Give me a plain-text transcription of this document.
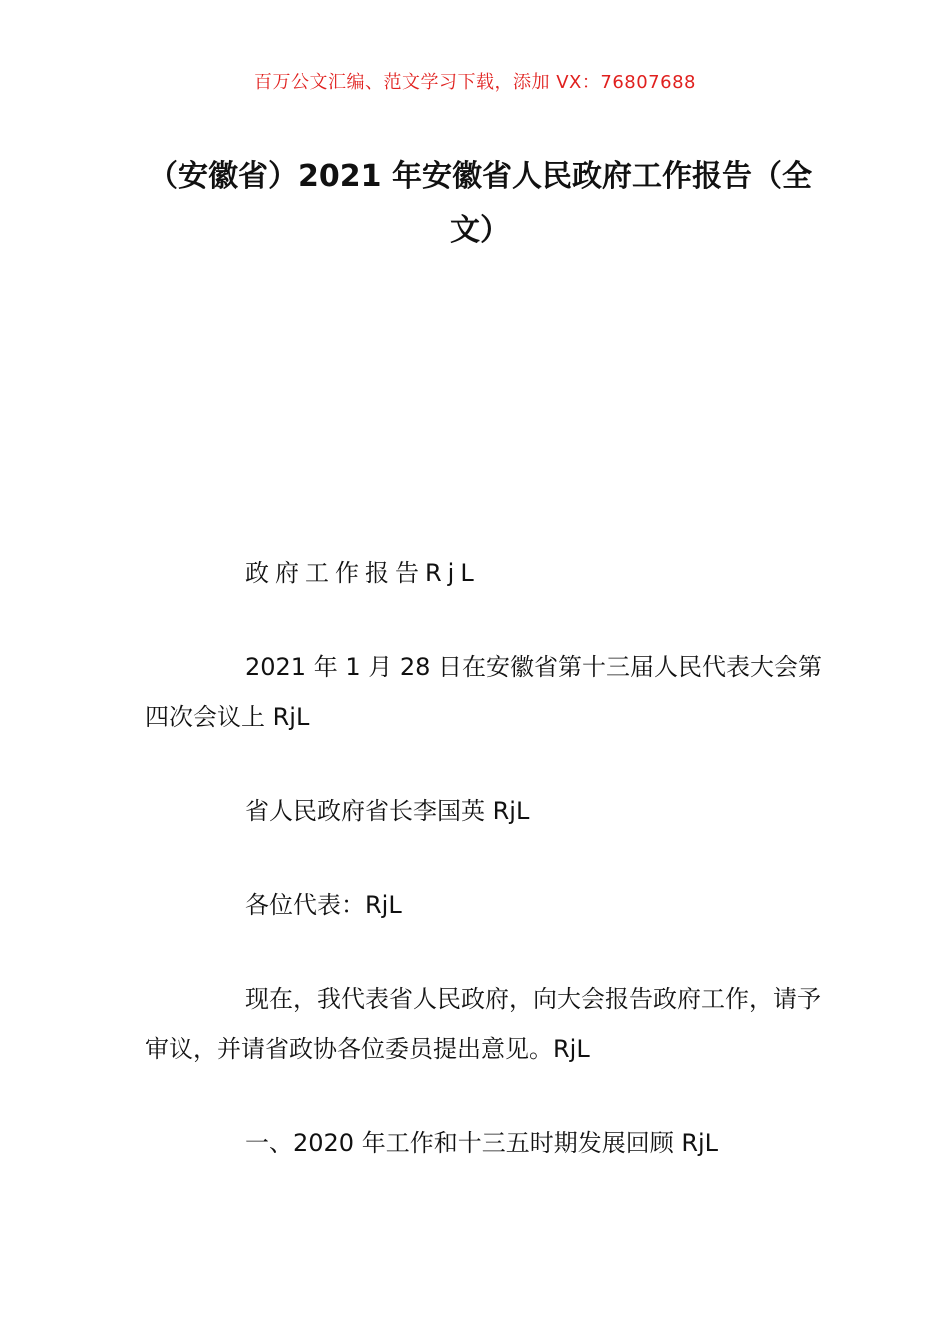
百万公文汇编、范文学习下载，添加 VX：76807688
（安徽省）2021 年安徽省人民政府工作报告（全文）

政府工作报告RjL

2021 年 1 月 28 日在安徽省第十三届人民代表大会第四次会议上 RjL

省人民政府省长李国英 RjL

各位代表：RjL

现在，我代表省人民政府，向大会报告政府工作，请予审议，并请省政协各位委员提出意见。RjL

一、2020 年工作和十三五时期发展回顾 RjL
